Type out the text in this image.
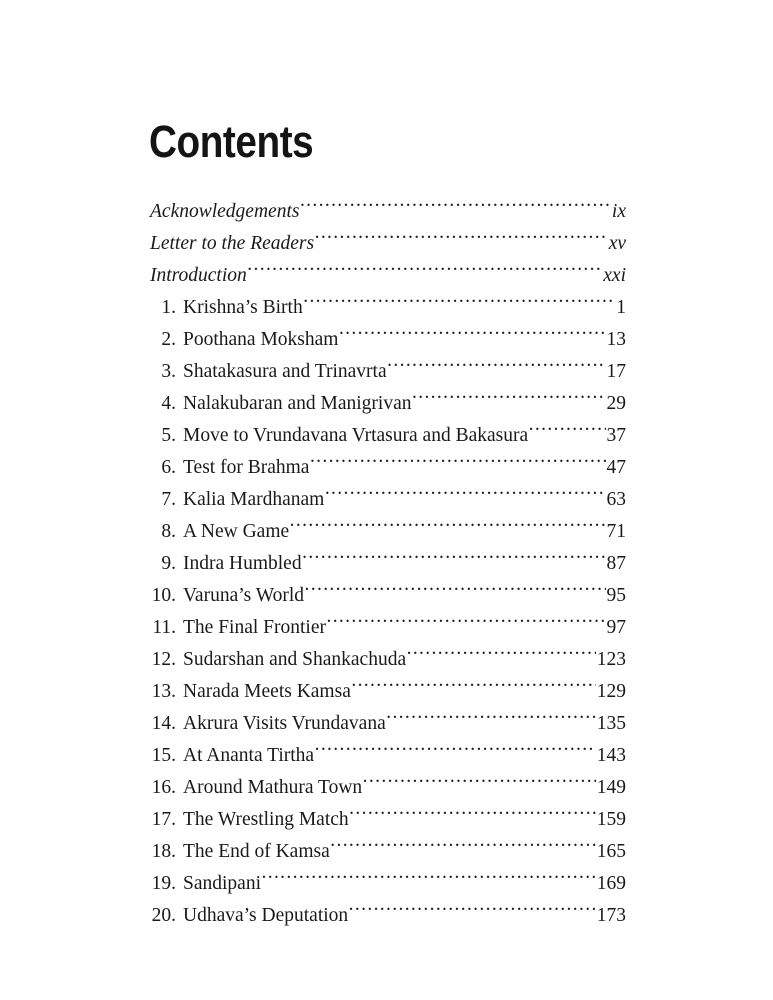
Contents
Acknowledgements .....	ix
Letter to the Readers .....	xv
Introduction .....	xxi
1. Krishna’s Birth .....	1
2. Poothana Moksham .....	13
3. Shatakasura and Trinavrta .....	17
4. Nalakubaran and Manigrivan .....	29
5. Move to Vrundavana Vrtasura and Bakasura .....	37
6. Test for Brahma .....	47
7. Kalia Mardhanam .....	63
8. A New Game .....	71
9. Indra Humbled .....	87
10. Varuna’s World .....	95
11. The Final Frontier .....	97
12. Sudarshan and Shankachuda .....	123
13. Narada Meets Kamsa .....	129
14. Akrura Visits Vrundavana .....	135
15. At Ananta Tirtha .....	143
16. Around Mathura Town .....	149
17. The Wrestling Match .....	159
18. The End of Kamsa .....	165
19. Sandipani .....	169
20. Udhava’s Deputation .....	173
